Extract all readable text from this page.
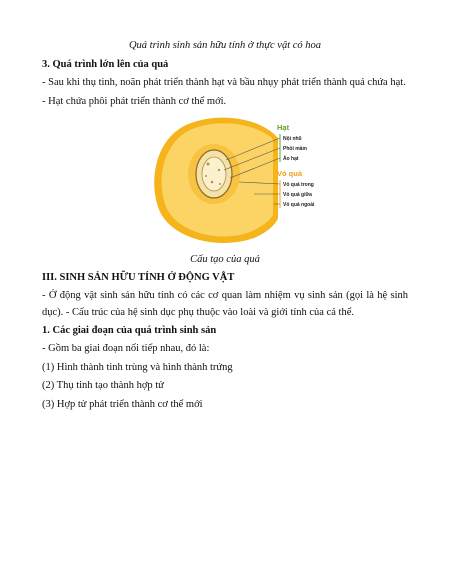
Quá trình sinh sản hữu tính ở thực vật có hoa
3. Quá trình lớn lên của quả
- Sau khi thụ tinh, noãn phát triển thành hạt và bầu nhụy phát triển thành quả chứa hạt.
- Hạt chứa phôi phát triển thành cơ thể mới.
Hạt
Nội nhũ
Phôi mầm
Áo hạt
Vỏ quả
Vỏ quả trong
Vỏ quả giữa
Vỏ quả ngoài
Cấu tạo của quả
III. SINH SẢN HỮU TÍNH Ở ĐỘNG VẬT
- Ở động vật sinh sản hữu tính có các cơ quan làm nhiệm vụ sinh sản (gọi là hệ sinh dục). - Cấu trúc của hệ sinh dục phụ thuộc vào loài và giới tính của cá thể.
1. Các giai đoạn của quá trình sinh sản
- Gồm ba giai đoạn nối tiếp nhau, đó là:
(1) Hình thành tinh trùng và hình thành trứng
(2) Thụ tinh tạo thành hợp tử
(3) Hợp tử phát triển thành cơ thể mới
